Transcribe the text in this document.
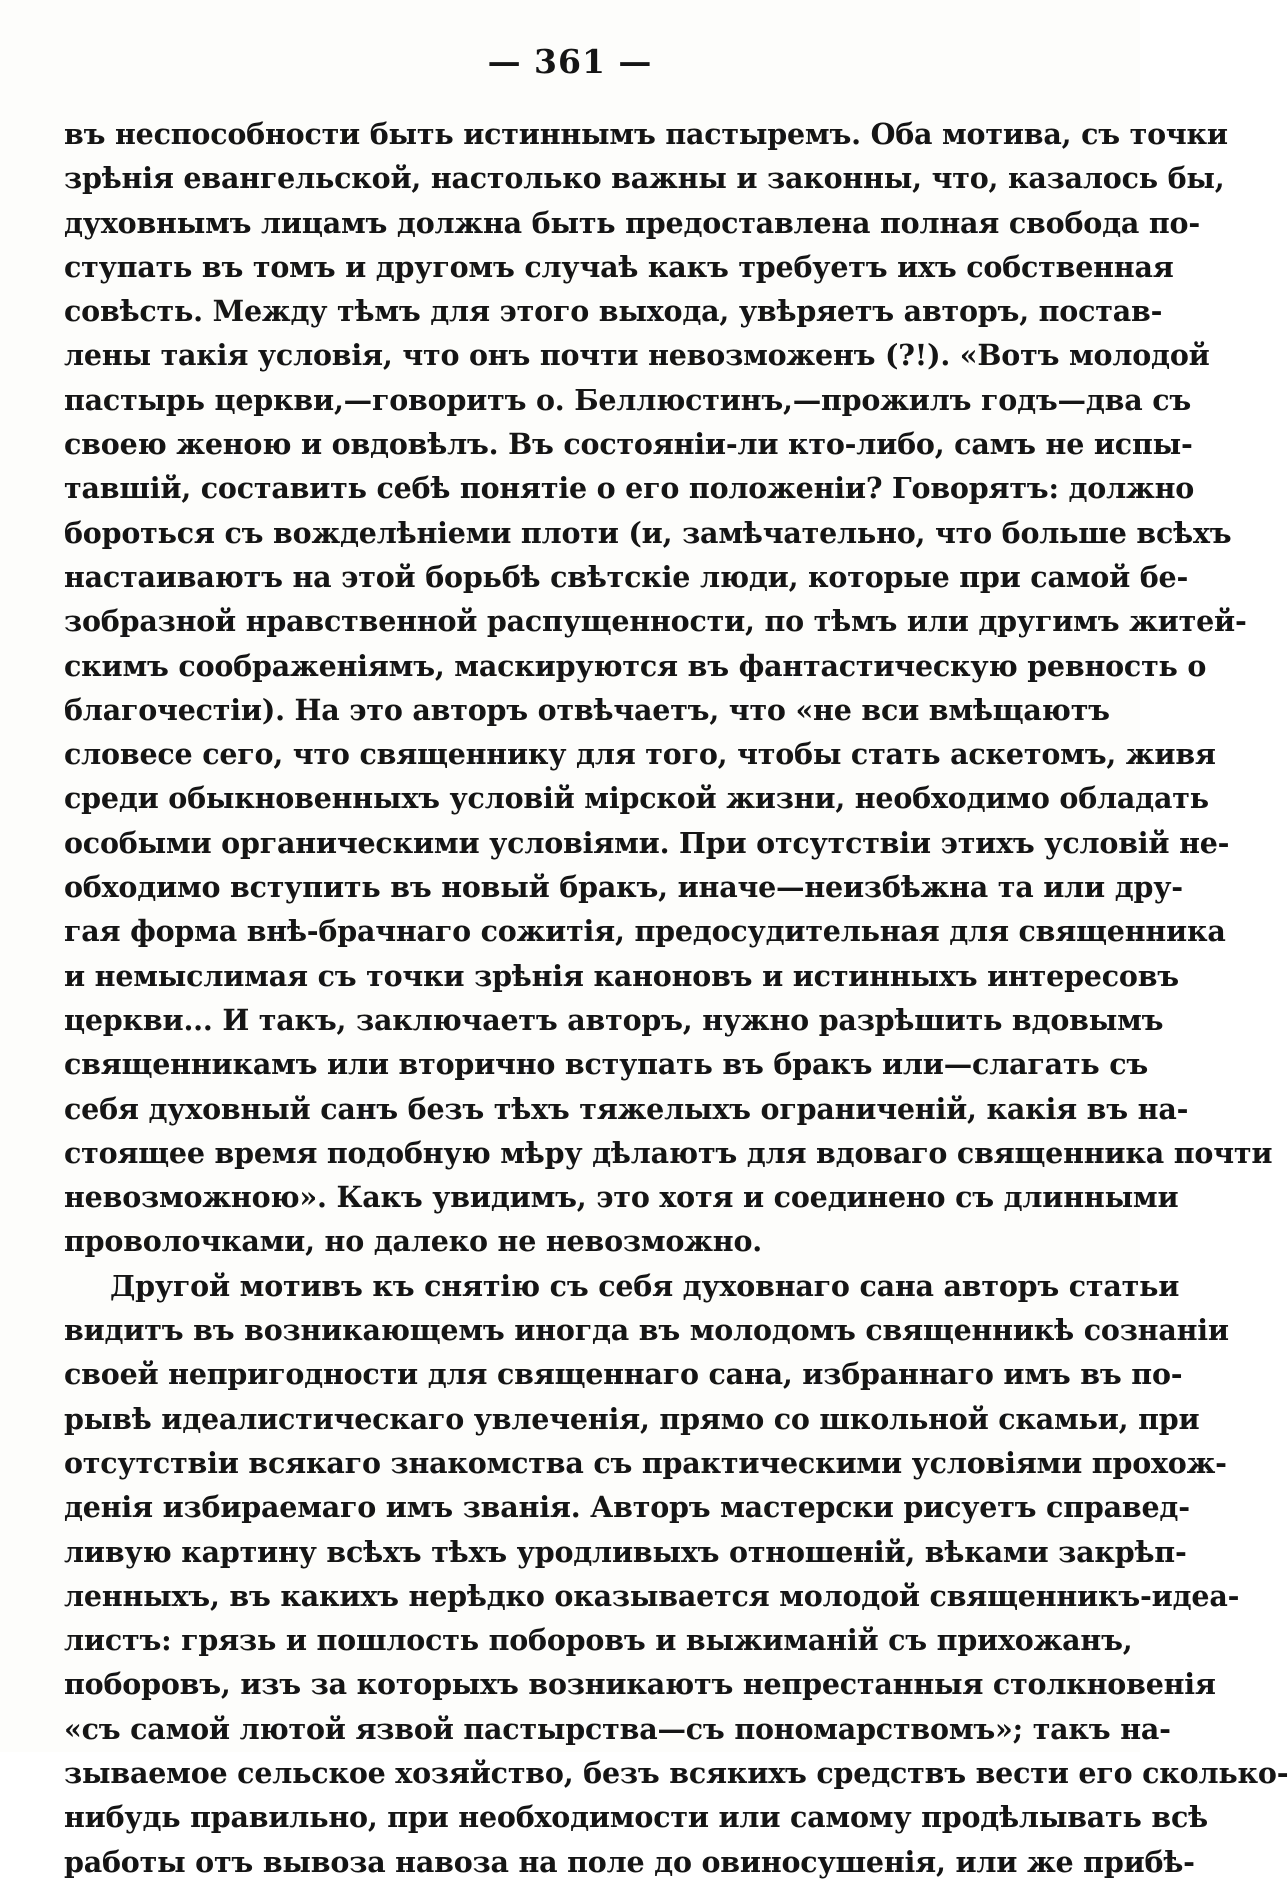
— 361 —
въ неспособности быть истиннымъ пастыремъ. Оба мотива, съ точки
зрѣнія евангельской, настолько важны и законны, что, казалось бы,
духовнымъ лицамъ должна быть предоставлена полная свобода по-
ступать въ томъ и другомъ случаѣ какъ требуетъ ихъ собственная
совѣсть. Между тѣмъ для этого выхода, увѣряетъ авторъ, постав-
лены такія условія, что онъ почти невозможенъ (?!). «Вотъ молодой
пастырь церкви,—говоритъ о. Беллюстинъ,—прожилъ годъ—два съ
своею женою и овдовѣлъ. Въ состояніи-ли кто-либо, самъ не испы-
тавшій, составить себѣ понятіе о его положеніи? Говорятъ: должно
бороться съ вожделѣніеми плоти (и, замѣчательно, что больше всѣхъ
настаиваютъ на этой борьбѣ свѣтскіе люди, которые при самой бе-
зобразной нравственной распущенности, по тѣмъ или другимъ житей-
скимъ соображеніямъ, маскируются въ фантастическую ревность о
благочестіи). На это авторъ отвѣчаетъ, что «не вси вмѣщаютъ
словесе сего, что священнику для того, чтобы стать аскетомъ, живя
среди обыкновенныхъ условій мірской жизни, необходимо обладать
особыми органическими условіями. При отсутствіи этихъ условій не-
обходимо вступить въ новый бракъ, иначе—неизбѣжна та или дру-
гая форма внѣ-брачнаго сожитія, предосудительная для священника
и немыслимая съ точки зрѣнія каноновъ и истинныхъ интересовъ
церкви... И такъ, заключаетъ авторъ, нужно разрѣшить вдовымъ
священникамъ или вторично вступать въ бракъ или—слагать съ
себя духовный санъ безъ тѣхъ тяжелыхъ ограниченій, какія въ на-
стоящее время подобную мѣру дѣлаютъ для вдоваго священника почти
невозможною». Какъ увидимъ, это хотя и соединено съ длинными
проволочками, но далеко не невозможно.
Другой мотивъ къ снятію съ себя духовнаго сана авторъ статьи
видитъ въ возникающемъ иногда въ молодомъ священникѣ сознаніи
своей непригодности для священнаго сана, избраннаго имъ въ по-
рывѣ идеалистическаго увлеченія, прямо со школьной скамьи, при
отсутствіи всякаго знакомства съ практическими условіями прохож-
денія избираемаго имъ званія. Авторъ мастерски рисуетъ справед-
ливую картину всѣхъ тѣхъ уродливыхъ отношеній, вѣками закрѣп-
ленныхъ, въ какихъ нерѣдко оказывается молодой священникъ-идеа-
листъ: грязь и пошлость поборовъ и выжиманій съ прихожанъ,
поборовъ, изъ за которыхъ возникаютъ непрестанныя столкновенія
«съ самой лютой язвой пастырства—съ пономарствомъ»; такъ на-
зываемое сельское хозяйство, безъ всякихъ средствъ вести его сколько-
нибудь правильно, при необходимости или самому продѣлывать всѣ
работы отъ вывоза навоза на поле до овиносушенія, или же прибѣ-
